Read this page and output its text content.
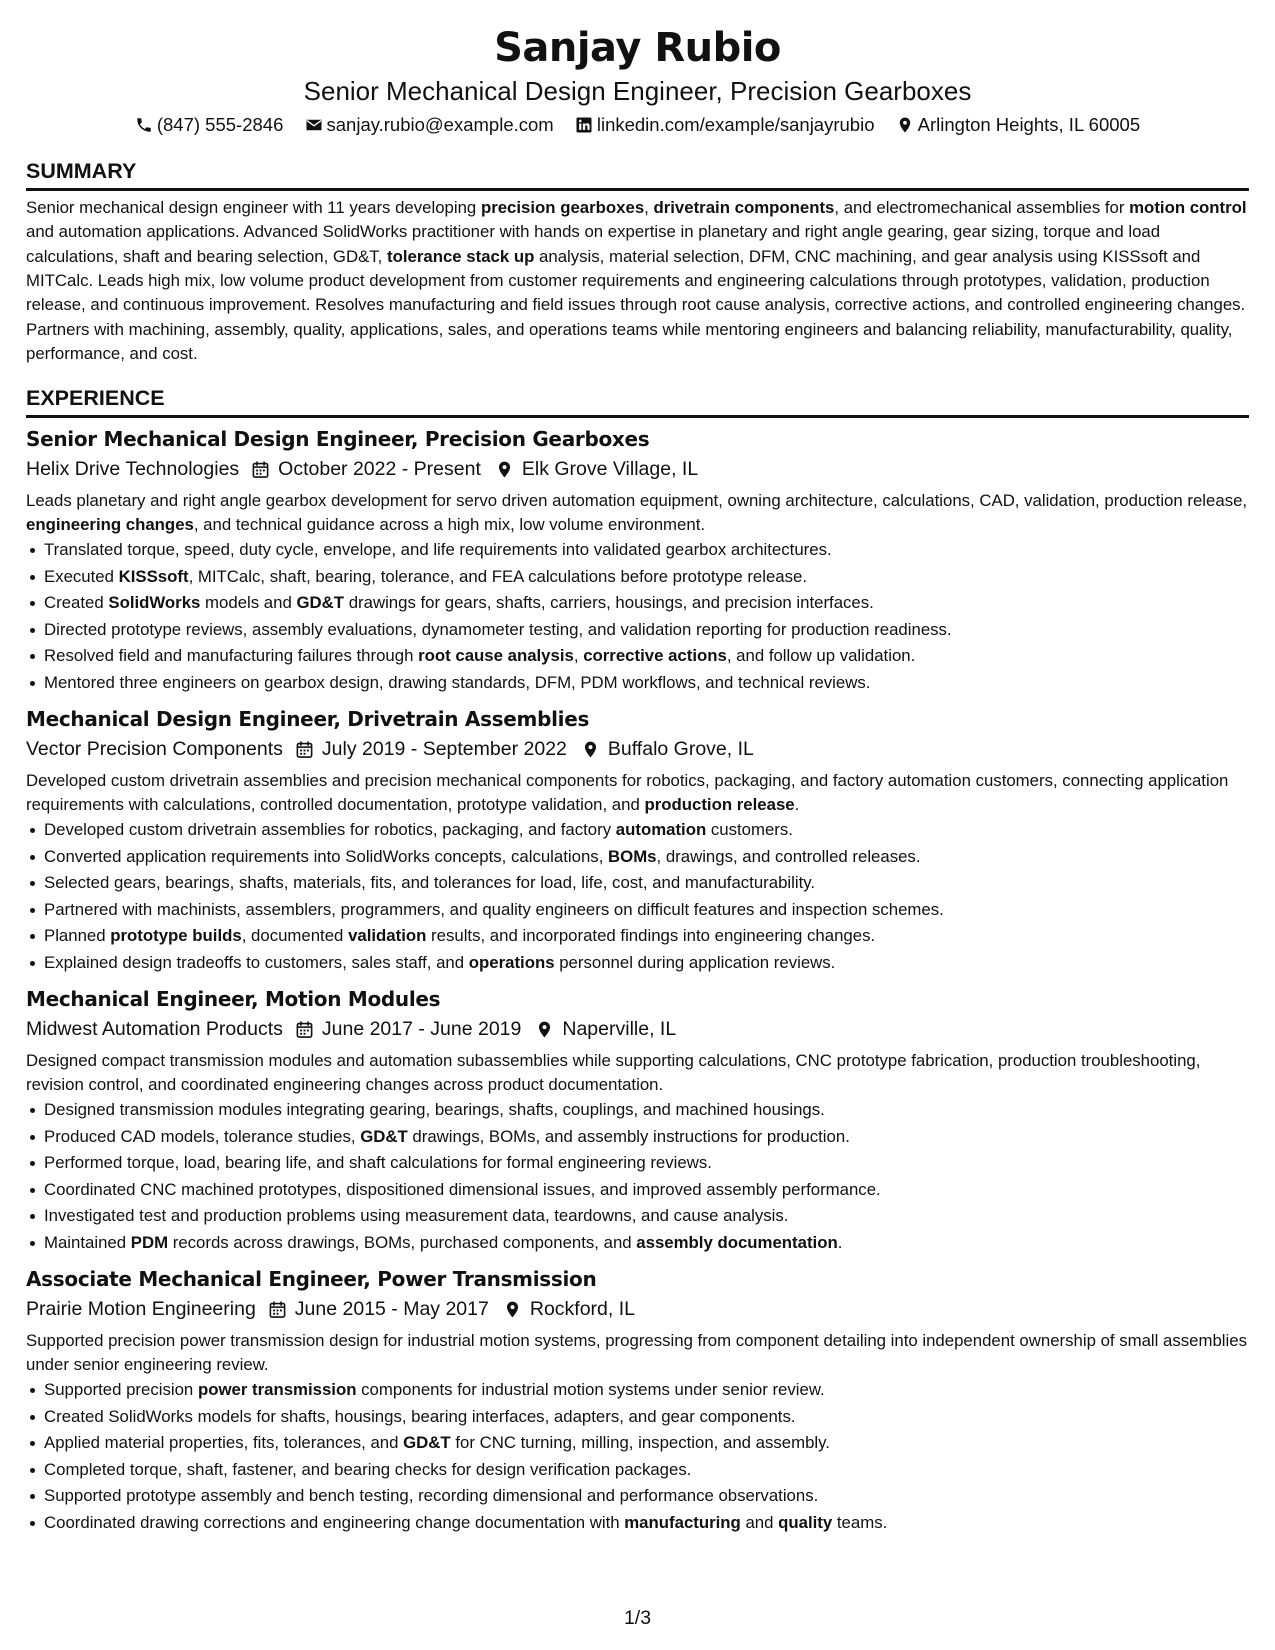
Sanjay Rubio
Senior Mechanical Design Engineer, Precision Gearboxes
(847) 555-2846
sanjay.rubio@example.com
linkedin.com/example/sanjayrubio
Arlington Heights, IL 60005
SUMMARY
Senior mechanical design engineer with 11 years developing precision gearboxes, drivetrain components, and electromechanical assemblies for motion control and automation applications. Advanced SolidWorks practitioner with hands on expertise in planetary and right angle gearing, gear sizing, torque and load calculations, shaft and bearing selection, GD&T, tolerance stack up analysis, material selection, DFM, CNC machining, and gear analysis using KISSsoft and MITCalc. Leads high mix, low volume product development from customer requirements and engineering calculations through prototypes, validation, production release, and continuous improvement. Resolves manufacturing and field issues through root cause analysis, corrective actions, and controlled engineering changes. Partners with machining, assembly, quality, applications, sales, and operations teams while mentoring engineers and balancing reliability, manufacturability, quality, performance, and cost.
EXPERIENCE
Senior Mechanical Design Engineer, Precision Gearboxes
Helix Drive Technologies October 2022 - Present Elk Grove Village, IL
Leads planetary and right angle gearbox development for servo driven automation equipment, owning architecture, calculations, CAD, validation, production release, engineering changes, and technical guidance across a high mix, low volume environment.
Translated torque, speed, duty cycle, envelope, and life requirements into validated gearbox architectures.
Executed KISSsoft, MITCalc, shaft, bearing, tolerance, and FEA calculations before prototype release.
Created SolidWorks models and GD&T drawings for gears, shafts, carriers, housings, and precision interfaces.
Directed prototype reviews, assembly evaluations, dynamometer testing, and validation reporting for production readiness.
Resolved field and manufacturing failures through root cause analysis, corrective actions, and follow up validation.
Mentored three engineers on gearbox design, drawing standards, DFM, PDM workflows, and technical reviews.
Mechanical Design Engineer, Drivetrain Assemblies
Vector Precision Components July 2019 - September 2022 Buffalo Grove, IL
Developed custom drivetrain assemblies and precision mechanical components for robotics, packaging, and factory automation customers, connecting application requirements with calculations, controlled documentation, prototype validation, and production release.
Developed custom drivetrain assemblies for robotics, packaging, and factory automation customers.
Converted application requirements into SolidWorks concepts, calculations, BOMs, drawings, and controlled releases.
Selected gears, bearings, shafts, materials, fits, and tolerances for load, life, cost, and manufacturability.
Partnered with machinists, assemblers, programmers, and quality engineers on difficult features and inspection schemes.
Planned prototype builds, documented validation results, and incorporated findings into engineering changes.
Explained design tradeoffs to customers, sales staff, and operations personnel during application reviews.
Mechanical Engineer, Motion Modules
Midwest Automation Products June 2017 - June 2019 Naperville, IL
Designed compact transmission modules and automation subassemblies while supporting calculations, CNC prototype fabrication, production troubleshooting, revision control, and coordinated engineering changes across product documentation.
Designed transmission modules integrating gearing, bearings, shafts, couplings, and machined housings.
Produced CAD models, tolerance studies, GD&T drawings, BOMs, and assembly instructions for production.
Performed torque, load, bearing life, and shaft calculations for formal engineering reviews.
Coordinated CNC machined prototypes, dispositioned dimensional issues, and improved assembly performance.
Investigated test and production problems using measurement data, teardowns, and cause analysis.
Maintained PDM records across drawings, BOMs, purchased components, and assembly documentation.
Associate Mechanical Engineer, Power Transmission
Prairie Motion Engineering June 2015 - May 2017 Rockford, IL
Supported precision power transmission design for industrial motion systems, progressing from component detailing into independent ownership of small assemblies under senior engineering review.
Supported precision power transmission components for industrial motion systems under senior review.
Created SolidWorks models for shafts, housings, bearing interfaces, adapters, and gear components.
Applied material properties, fits, tolerances, and GD&T for CNC turning, milling, inspection, and assembly.
Completed torque, shaft, fastener, and bearing checks for design verification packages.
Supported prototype assembly and bench testing, recording dimensional and performance observations.
Coordinated drawing corrections and engineering change documentation with manufacturing and quality teams.
1/3
